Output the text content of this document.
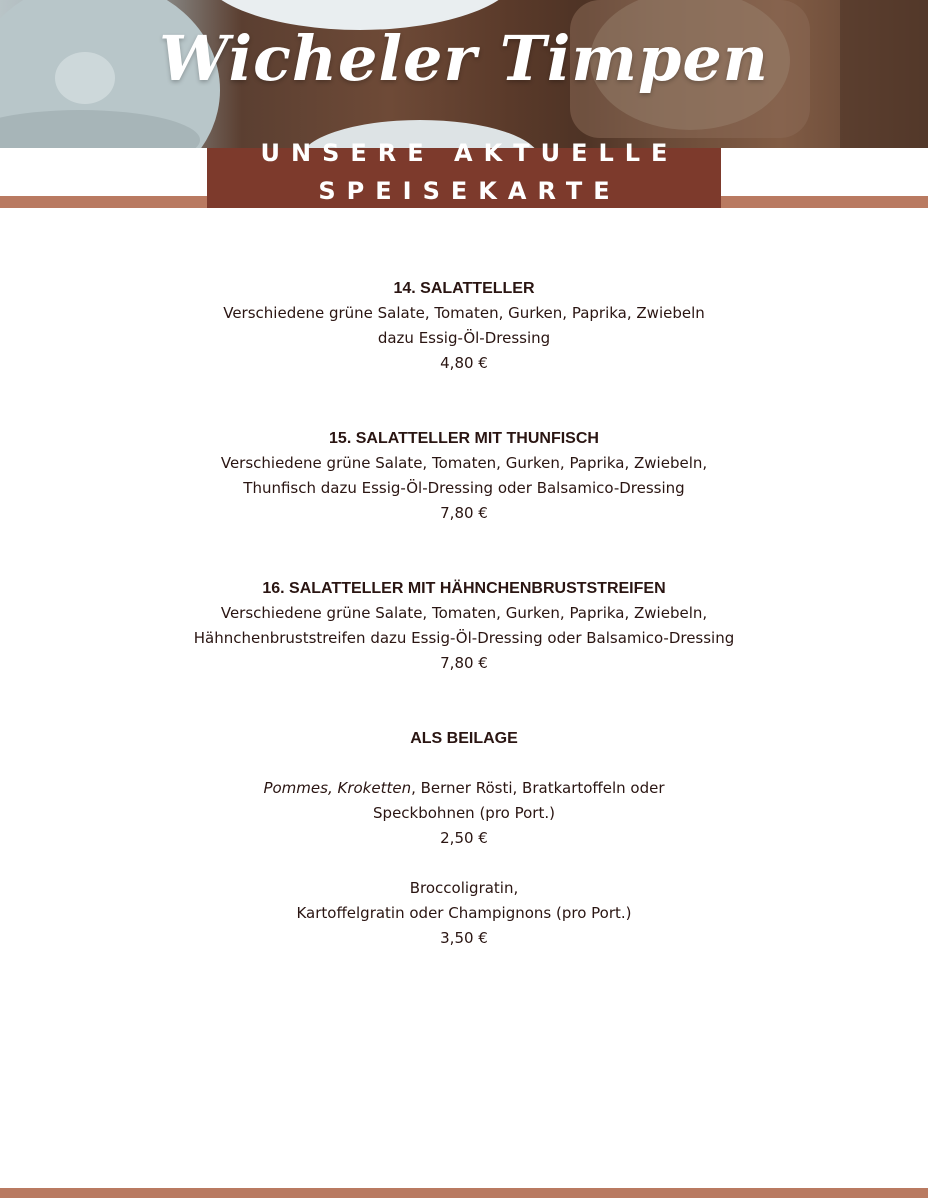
Wicheler Timpen
UNSERE AKTUELLE
SPEISEKARTE
14. SALATTELLER
Verschiedene grüne Salate, Tomaten, Gurken, Paprika, Zwiebeln
dazu Essig-Öl-Dressing
4,80 €
15. SALATTELLER MIT THUNFISCH
Verschiedene grüne Salate, Tomaten, Gurken, Paprika, Zwiebeln,
Thunfisch dazu Essig-Öl-Dressing oder Balsamico-Dressing
7,80 €
16. SALATTELLER MIT HÄHNCHENBRUSTSTREIFEN
Verschiedene grüne Salate, Tomaten, Gurken, Paprika, Zwiebeln,
Hähnchenbruststreifen dazu Essig-Öl-Dressing oder Balsamico-Dressing
7,80 €
ALS BEILAGE
Pommes, Kroketten, Berner Rösti, Bratkartoffeln oder
Speckbohnen (pro Port.)
2,50 €
Broccoligratin,
Kartoffelgratin oder Champignons (pro Port.)
3,50 €
